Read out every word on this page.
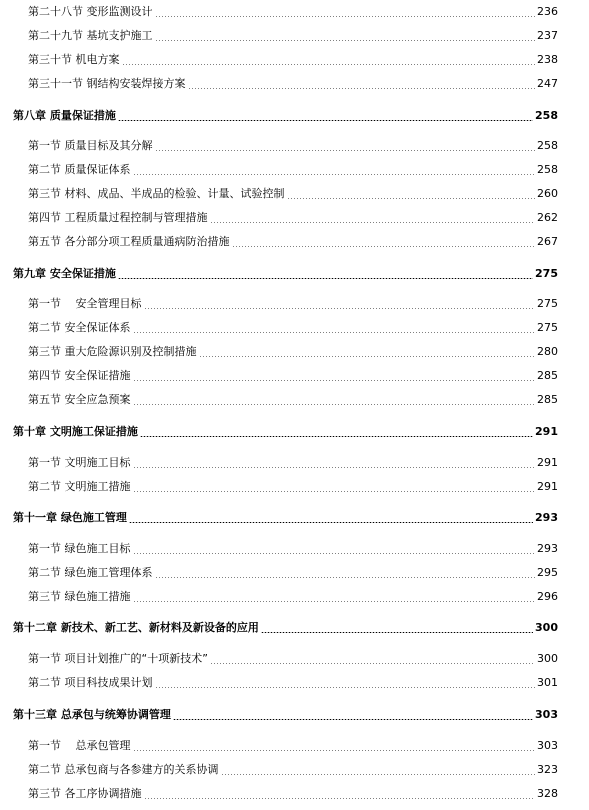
第二十八节 变形监测设计	236
第二十九节 基坑支护施工	237
第三十节 机电方案	238
第三十一节 钢结构安装焊接方案	247
第八章 质量保证措施	258
第一节 质量目标及其分解	258
第二节 质量保证体系	258
第三节 材料、成品、半成品的检验、计量、试验控制	260
第四节 工程质量过程控制与管理措施	262
第五节 各分部分项工程质量通病防治措施	267
第九章 安全保证措施	275
第一节　 安全管理目标	275
第二节 安全保证体系	275
第三节 重大危险源识别及控制措施	280
第四节 安全保证措施	285
第五节 安全应急预案	285
第十章 文明施工保证措施	291
第一节 文明施工目标	291
第二节 文明施工措施	291
第十一章 绿色施工管理	293
第一节 绿色施工目标	293
第二节 绿色施工管理体系	295
第三节 绿色施工措施	296
第十二章 新技术、新工艺、新材料及新设备的应用	300
第一节 项目计划推广的“十项新技术”	300
第二节 项目科技成果计划	301
第十三章 总承包与统筹协调管理	303
第一节　 总承包管理	303
第二节 总承包商与各参建方的关系协调	323
第三节 各工序协调措施	328
